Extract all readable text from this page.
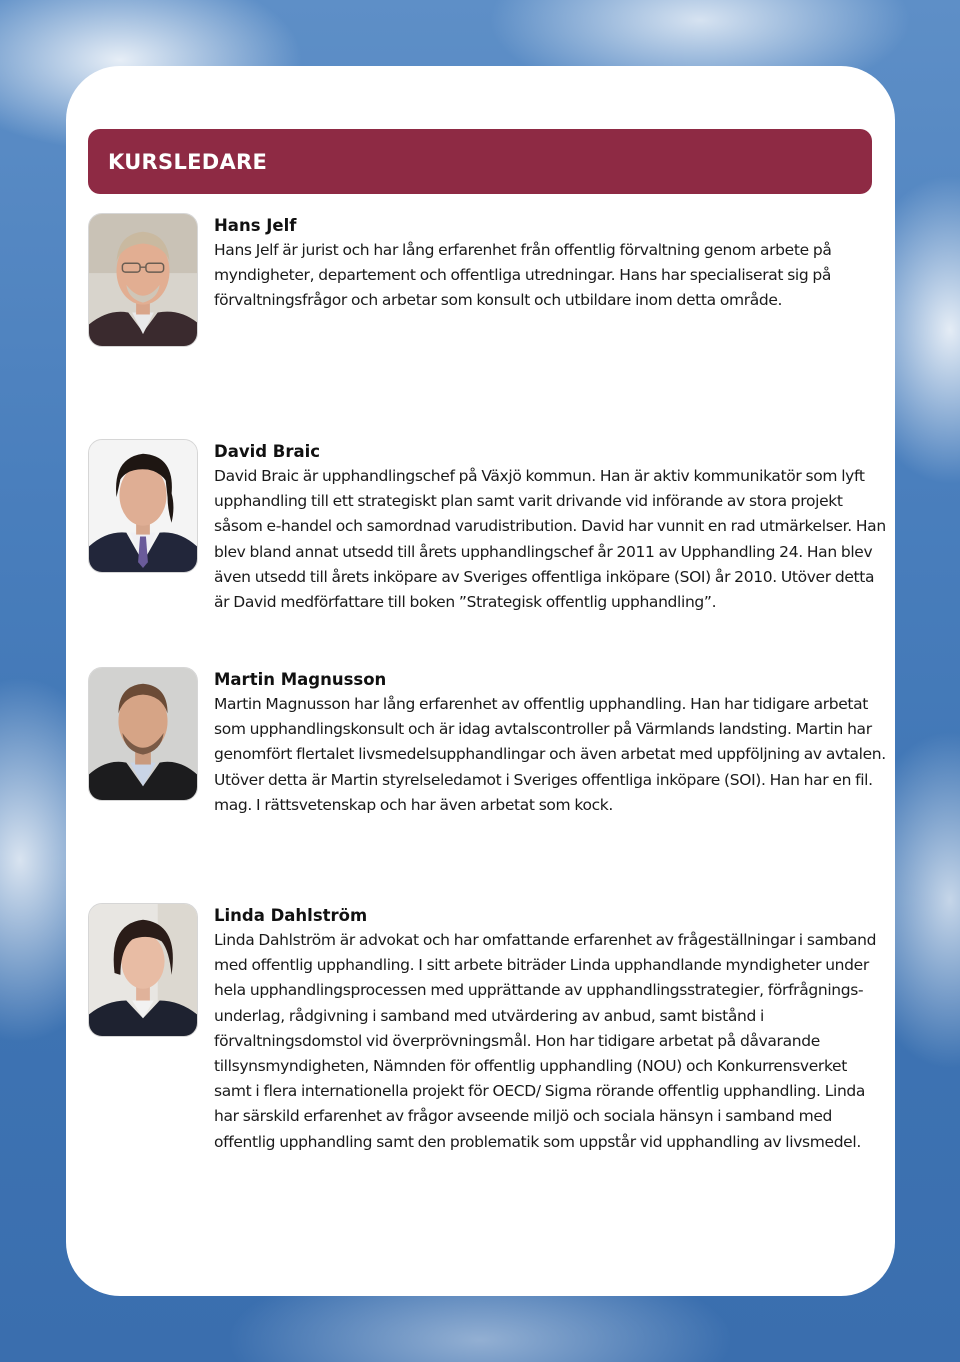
KURSLEDARE

Hans Jelf

Hans Jelf är jurist och har lång erfarenhet från offentlig förvaltning genom arbete på myndigheter, departement och offentliga utredningar. Hans har specialiserat sig på förvaltningsfrågor och arbetar som konsult och utbildare inom detta område.

David Braic

David Braic är upphandlingschef på Växjö kommun. Han är aktiv kommunikatör som lyft upphandling till ett strategiskt plan samt varit drivande vid införande av stora projekt såsom e-handel och samordnad varudistribution. David har vunnit en rad utmärkelser. Han blev bland annat utsedd till årets upphandlingschef år 2011 av Upphandling 24. Han blev även utsedd till årets inköpare av Sveriges offentliga inköpare (SOI) år 2010. Utöver detta är David medförfattare till boken ”Strategisk offentlig upphandling”.

Martin Magnusson

Martin Magnusson har lång erfarenhet av offentlig upphandling. Han har tidigare arbetat som upphandlingskonsult och är idag avtalscontroller på Värmlands landsting. Martin har genomfört flertalet livsmedelsupphandlingar och även arbetat med uppföljning av avtalen. Utöver detta är Martin styrelseledamot i Sveriges offentliga inköpare (SOI). Han har en fil. mag. I rättsvetenskap och har även arbetat som kock.

Linda Dahlström

Linda Dahlström är advokat och har omfattande erfarenhet av frågeställningar i samband med offentlig upphandling. I sitt arbete biträder Linda upphandlande myndigheter under hela upphandlingsprocessen med upprättande av upphandlingsstrategier, förfrågnings-underlag, rådgivning i samband med utvärdering av anbud, samt bistånd i förvaltningsdomstol vid överprövningsmål. Hon har tidigare arbetat på dåvarande tillsynsmyndigheten, Nämnden för offentlig upphandling (NOU) och Konkurrensverket samt i flera internationella projekt för OECD/ Sigma rörande offentlig upphandling. Linda har särskild erfarenhet av frågor avseende miljö och sociala hänsyn i samband med offentlig upphandling samt den problematik som uppstår vid upphandling av livsmedel.
